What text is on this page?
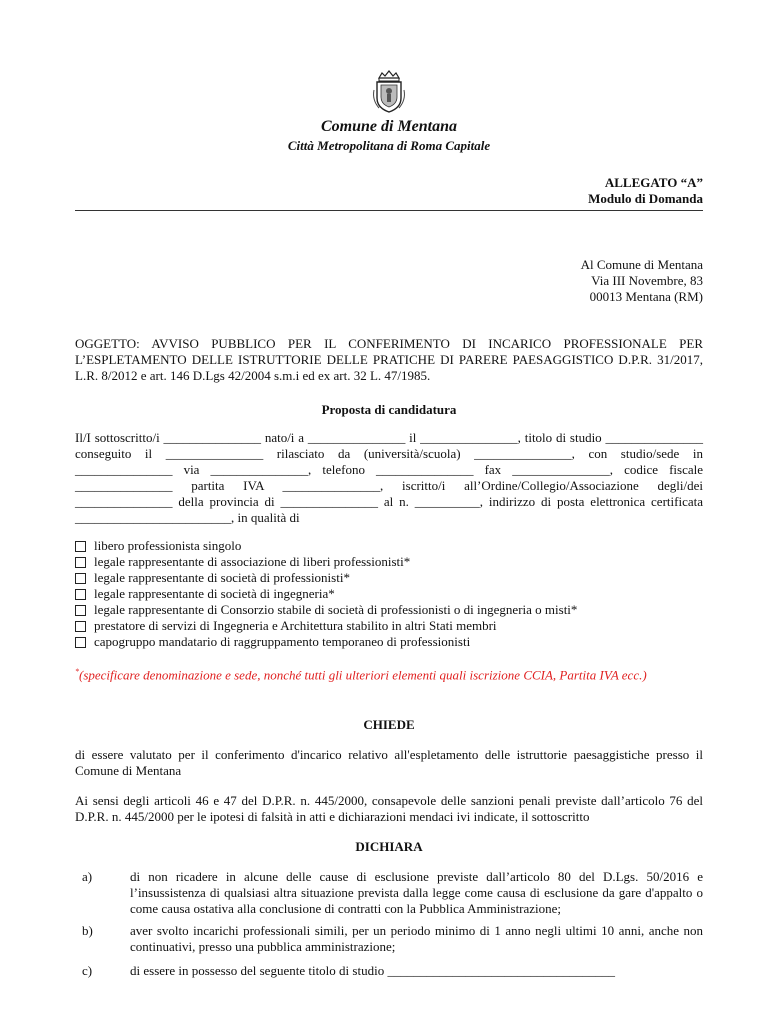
Comune di Mentana
Città Metropolitana di Roma Capitale
ALLEGATO “A”
Modulo di Domanda
Al Comune di Mentana
Via III Novembre, 83
00013 Mentana (RM)
OGGETTO: AVVISO PUBBLICO PER IL CONFERIMENTO DI INCARICO PROFESSIONALE PER L’ESPLETAMENTO DELLE ISTRUTTORIE DELLE PRATICHE DI PARERE PAESAGGISTICO D.P.R. 31/2017, L.R. 8/2012 e art. 146 D.Lgs 42/2004 s.m.i ed ex art. 32 L. 47/1985.
Proposta di candidatura
Il/I sottoscritto/i _______________ nato/i a _______________ il _______________, titolo di studio _______________ conseguito il _______________ rilasciato da (università/scuola) _______________, con studio/sede in _______________ via _______________, telefono _______________ fax _______________, codice fiscale _______________ partita IVA _______________, iscritto/i all’Ordine/Collegio/Associazione degli/dei _______________ della provincia di _______________ al n. __________, indirizzo di posta elettronica certificata ________________________, in qualità di
libero professionista singolo
legale rappresentante di associazione di liberi professionisti*
legale rappresentante di società di professionisti*
legale rappresentante di società di ingegneria*
legale rappresentante di Consorzio stabile di società di professionisti o di ingegneria o misti*
prestatore di servizi di Ingegneria e Architettura stabilito in altri Stati membri
capogruppo mandatario di raggruppamento temporaneo di professionisti
*(specificare denominazione e sede, nonché tutti gli ulteriori elementi quali iscrizione CCIA, Partita IVA ecc.)
CHIEDE
di essere valutato per il conferimento d'incarico relativo all'espletamento delle istruttorie paesaggistiche presso il Comune di Mentana
Ai sensi degli articoli 46 e 47 del D.P.R. n. 445/2000, consapevole delle sanzioni penali previste dall’articolo 76 del D.P.R. n. 445/2000 per le ipotesi di falsità in atti e dichiarazioni mendaci ivi indicate, il sottoscritto
DICHIARA
a)	di non ricadere in alcune delle cause di esclusione previste dall’articolo 80 del D.Lgs. 50/2016 e l’insussistenza di qualsiasi altra situazione prevista dalla legge come causa di esclusione da gare d'appalto o come causa ostativa alla conclusione di contratti con la Pubblica Amministrazione;
b)	aver svolto incarichi professionali simili, per un periodo minimo di 1 anno negli ultimi 10 anni, anche non continuativi, presso una pubblica amministrazione;
c)	di essere in possesso del seguente titolo di studio ___________________________________
